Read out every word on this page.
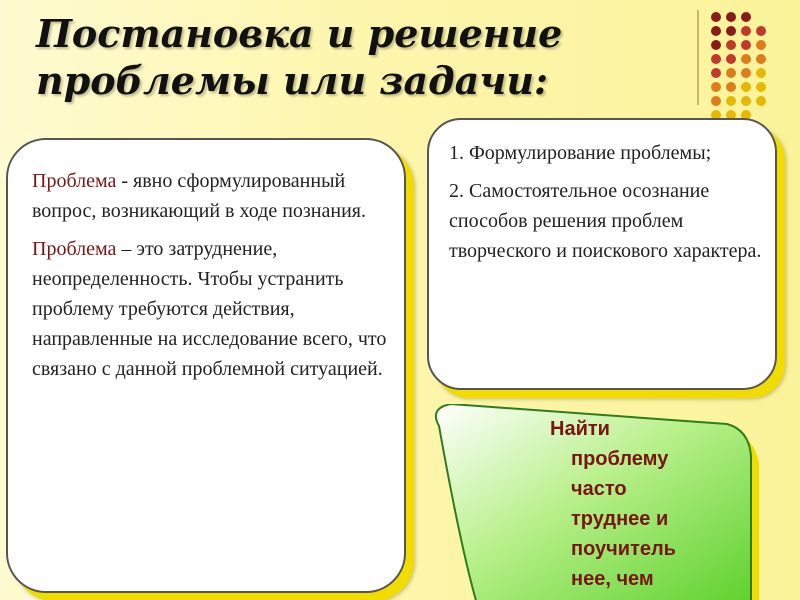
Постановка и решение
проблемы или задачи:

Проблема - явно сформулированный вопрос, возникающий в ходе познания.

Проблема – это затруднение, неопределенность. Чтобы устранить проблему требуются действия, направленные на исследование всего, что связано с данной проблемной ситуацией.

1. Формулирование проблемы;

2. Самостоятельное осознание способов решения проблем творческого и поискового характера.

Найти
проблему
часто
труднее и
поучитель
нее, чем
